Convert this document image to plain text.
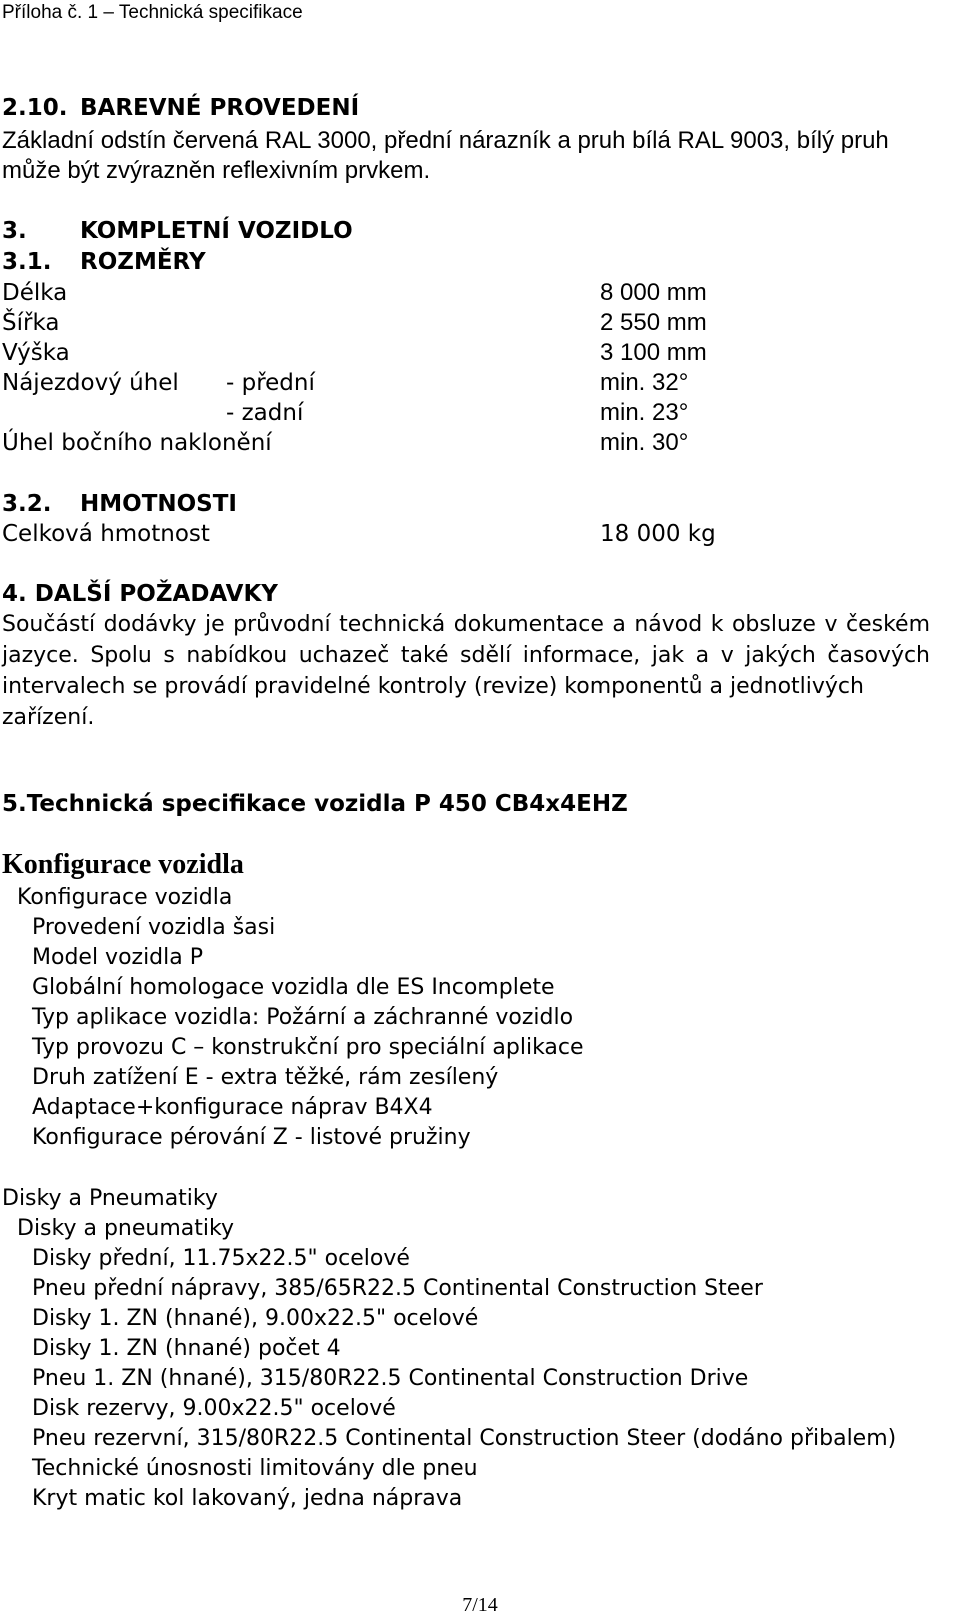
Příloha č. 1 – Technická specifikace
2.10. BAREVNÉ PROVEDENÍ
Základní odstín červená RAL 3000, přední nárazník a pruh bílá RAL 9003, bílý pruh
může být zvýrazněn reflexivním prvkem.
3. KOMPLETNÍ VOZIDLO
3.1. ROZMĚRY
Délka	8 000 mm
Šířka	2 550 mm
Výška	3 100 mm
Nájezdový úhel - přední	min. 32°
- zadní	min. 23°
Úhel bočního naklonění	min. 30°
3.2. HMOTNOSTI
Celková hmotnost	18 000 kg
4. DALŠÍ POŽADAVKY
Součástí dodávky je průvodní technická dokumentace a návod k obsluze v českém jazyce. Spolu s nabídkou uchazeč také sdělí informace, jak a v jakých časových intervalech se provádí pravidelné kontroly (revize) komponentů a jednotlivých
zařízení.
5.Technická specifikace vozidla P 450 CB4x4EHZ
Konfigurace vozidla
Konfigurace vozidla
Provedení vozidla šasi
Model vozidla P
Globální homologace vozidla dle ES Incomplete
Typ aplikace vozidla: Požární a záchranné vozidlo
Typ provozu C – konstrukční pro speciální aplikace
Druh zatížení E - extra těžké, rám zesílený
Adaptace+konfigurace náprav B4X4
Konfigurace pérování Z - listové pružiny
Disky a Pneumatiky
Disky a pneumatiky
Disky přední, 11.75x22.5" ocelové
Pneu přední nápravy, 385/65R22.5 Continental Construction Steer
Disky 1. ZN (hnané), 9.00x22.5" ocelové
Disky 1. ZN (hnané) počet 4
Pneu 1. ZN (hnané), 315/80R22.5 Continental Construction Drive
Disk rezervy, 9.00x22.5" ocelové
Pneu rezervní, 315/80R22.5 Continental Construction Steer (dodáno přibalem)
Technické únosnosti limitovány dle pneu
Kryt matic kol lakovaný, jedna náprava
7/14
